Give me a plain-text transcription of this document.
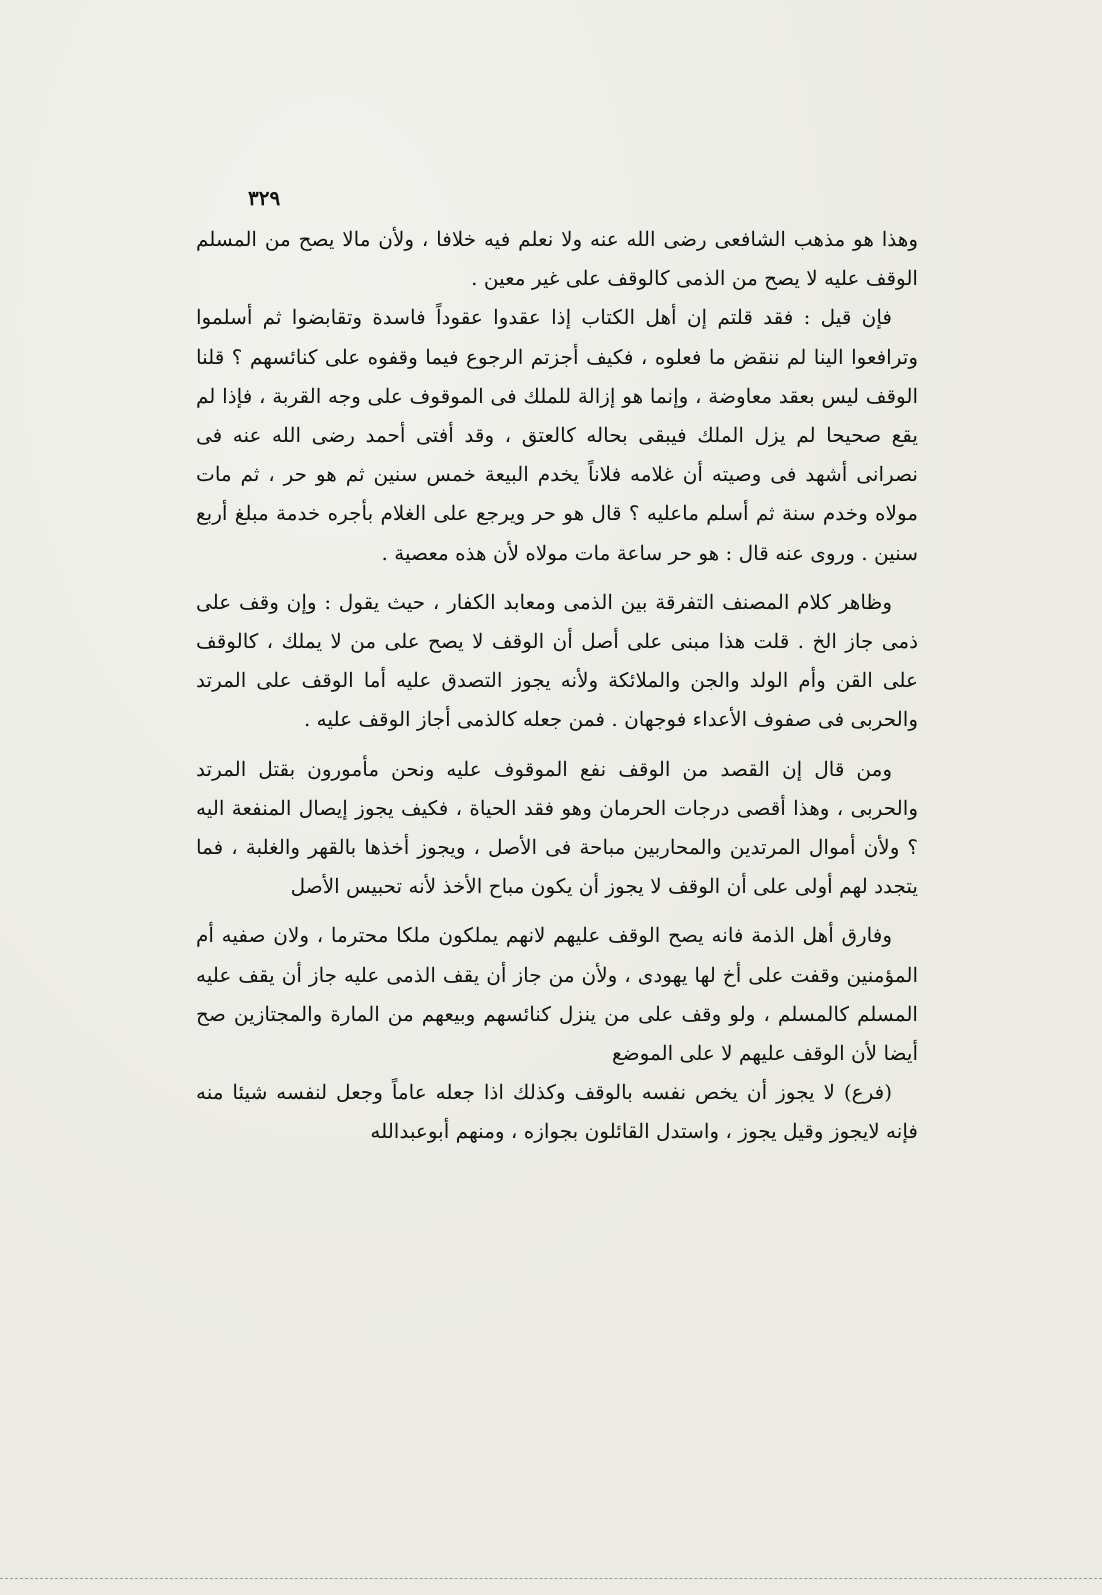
٣٢٩

وهذا هو مذهب الشافعى رضى الله عنه ولا نعلم فيه خلافا ، ولأن مالا يصح من المسلم الوقف عليه لا يصح من الذمى كالوقف على غير معين .

فإن قيل : فقد قلتم إن أهل الكتاب إذا عقدوا عقوداً فاسدة وتقابضوا ثم أسلموا وترافعوا الينا لم ننقض ما فعلوه ، فكيف أجزتم الرجوع فيما وقفوه على كنائسهم ؟ قلنا الوقف ليس بعقد معاوضة ، وإنما هو إزالة للملك فى الموقوف على وجه القربة ، فإذا لم يقع صحيحا لم يزل الملك فيبقى بحاله كالعتق ، وقد أفتى أحمد رضى الله عنه فى نصرانى أشهد فى وصيته أن غلامه فلاناً يخدم البيعة خمس سنين ثم هو حر ، ثم مات مولاه وخدم سنة ثم أسلم ماعليه ؟ قال هو حر ويرجع على الغلام بأجره خدمة مبلغ أربع سنين . وروى عنه قال : هو حر ساعة مات مولاه لأن هذه معصية .

وظاهر كلام المصنف التفرقة بين الذمى ومعابد الكفار ، حيث يقول : وإن وقف على ذمى جاز الخ . قلت هذا مبنى على أصل أن الوقف لا يصح على من لا يملك ، كالوقف على القن وأم الولد والجن والملائكة ولأنه يجوز التصدق عليه أما الوقف على المرتد والحربى فى صفوف الأعداء فوجهان . فمن جعله كالذمى أجاز الوقف عليه .

ومن قال إن القصد من الوقف نفع الموقوف عليه ونحن مأمورون بقتل المرتد والحربى ، وهذا أقصى درجات الحرمان وهو فقد الحياة ، فكيف يجوز إيصال المنفعة اليه ؟ ولأن أموال المرتدين والمحاربين مباحة فى الأصل ، ويجوز أخذها بالقهر والغلبة ، فما يتجدد لهم أولى على أن الوقف لا يجوز أن يكون مباح الأخذ لأنه تحبيس الأصل

وفارق أهل الذمة فانه يصح الوقف عليهم لانهم يملكون ملكا محترما ، ولان صفيه أم المؤمنين وقفت على أخ لها يهودى ، ولأن من جاز أن يقف الذمى عليه جاز أن يقف عليه المسلم كالمسلم ، ولو وقف على من ينزل كنائسهم وبيعهم من المارة والمجتازين صح أيضا لأن الوقف عليهم لا على الموضع

(فرع) لا يجوز أن يخص نفسه بالوقف وكذلك اذا جعله عاماً وجعل لنفسه شيئا منه فإنه لايجوز وقيل يجوز ، واستدل القائلون بجوازه ، ومنهم أبوعبدالله
